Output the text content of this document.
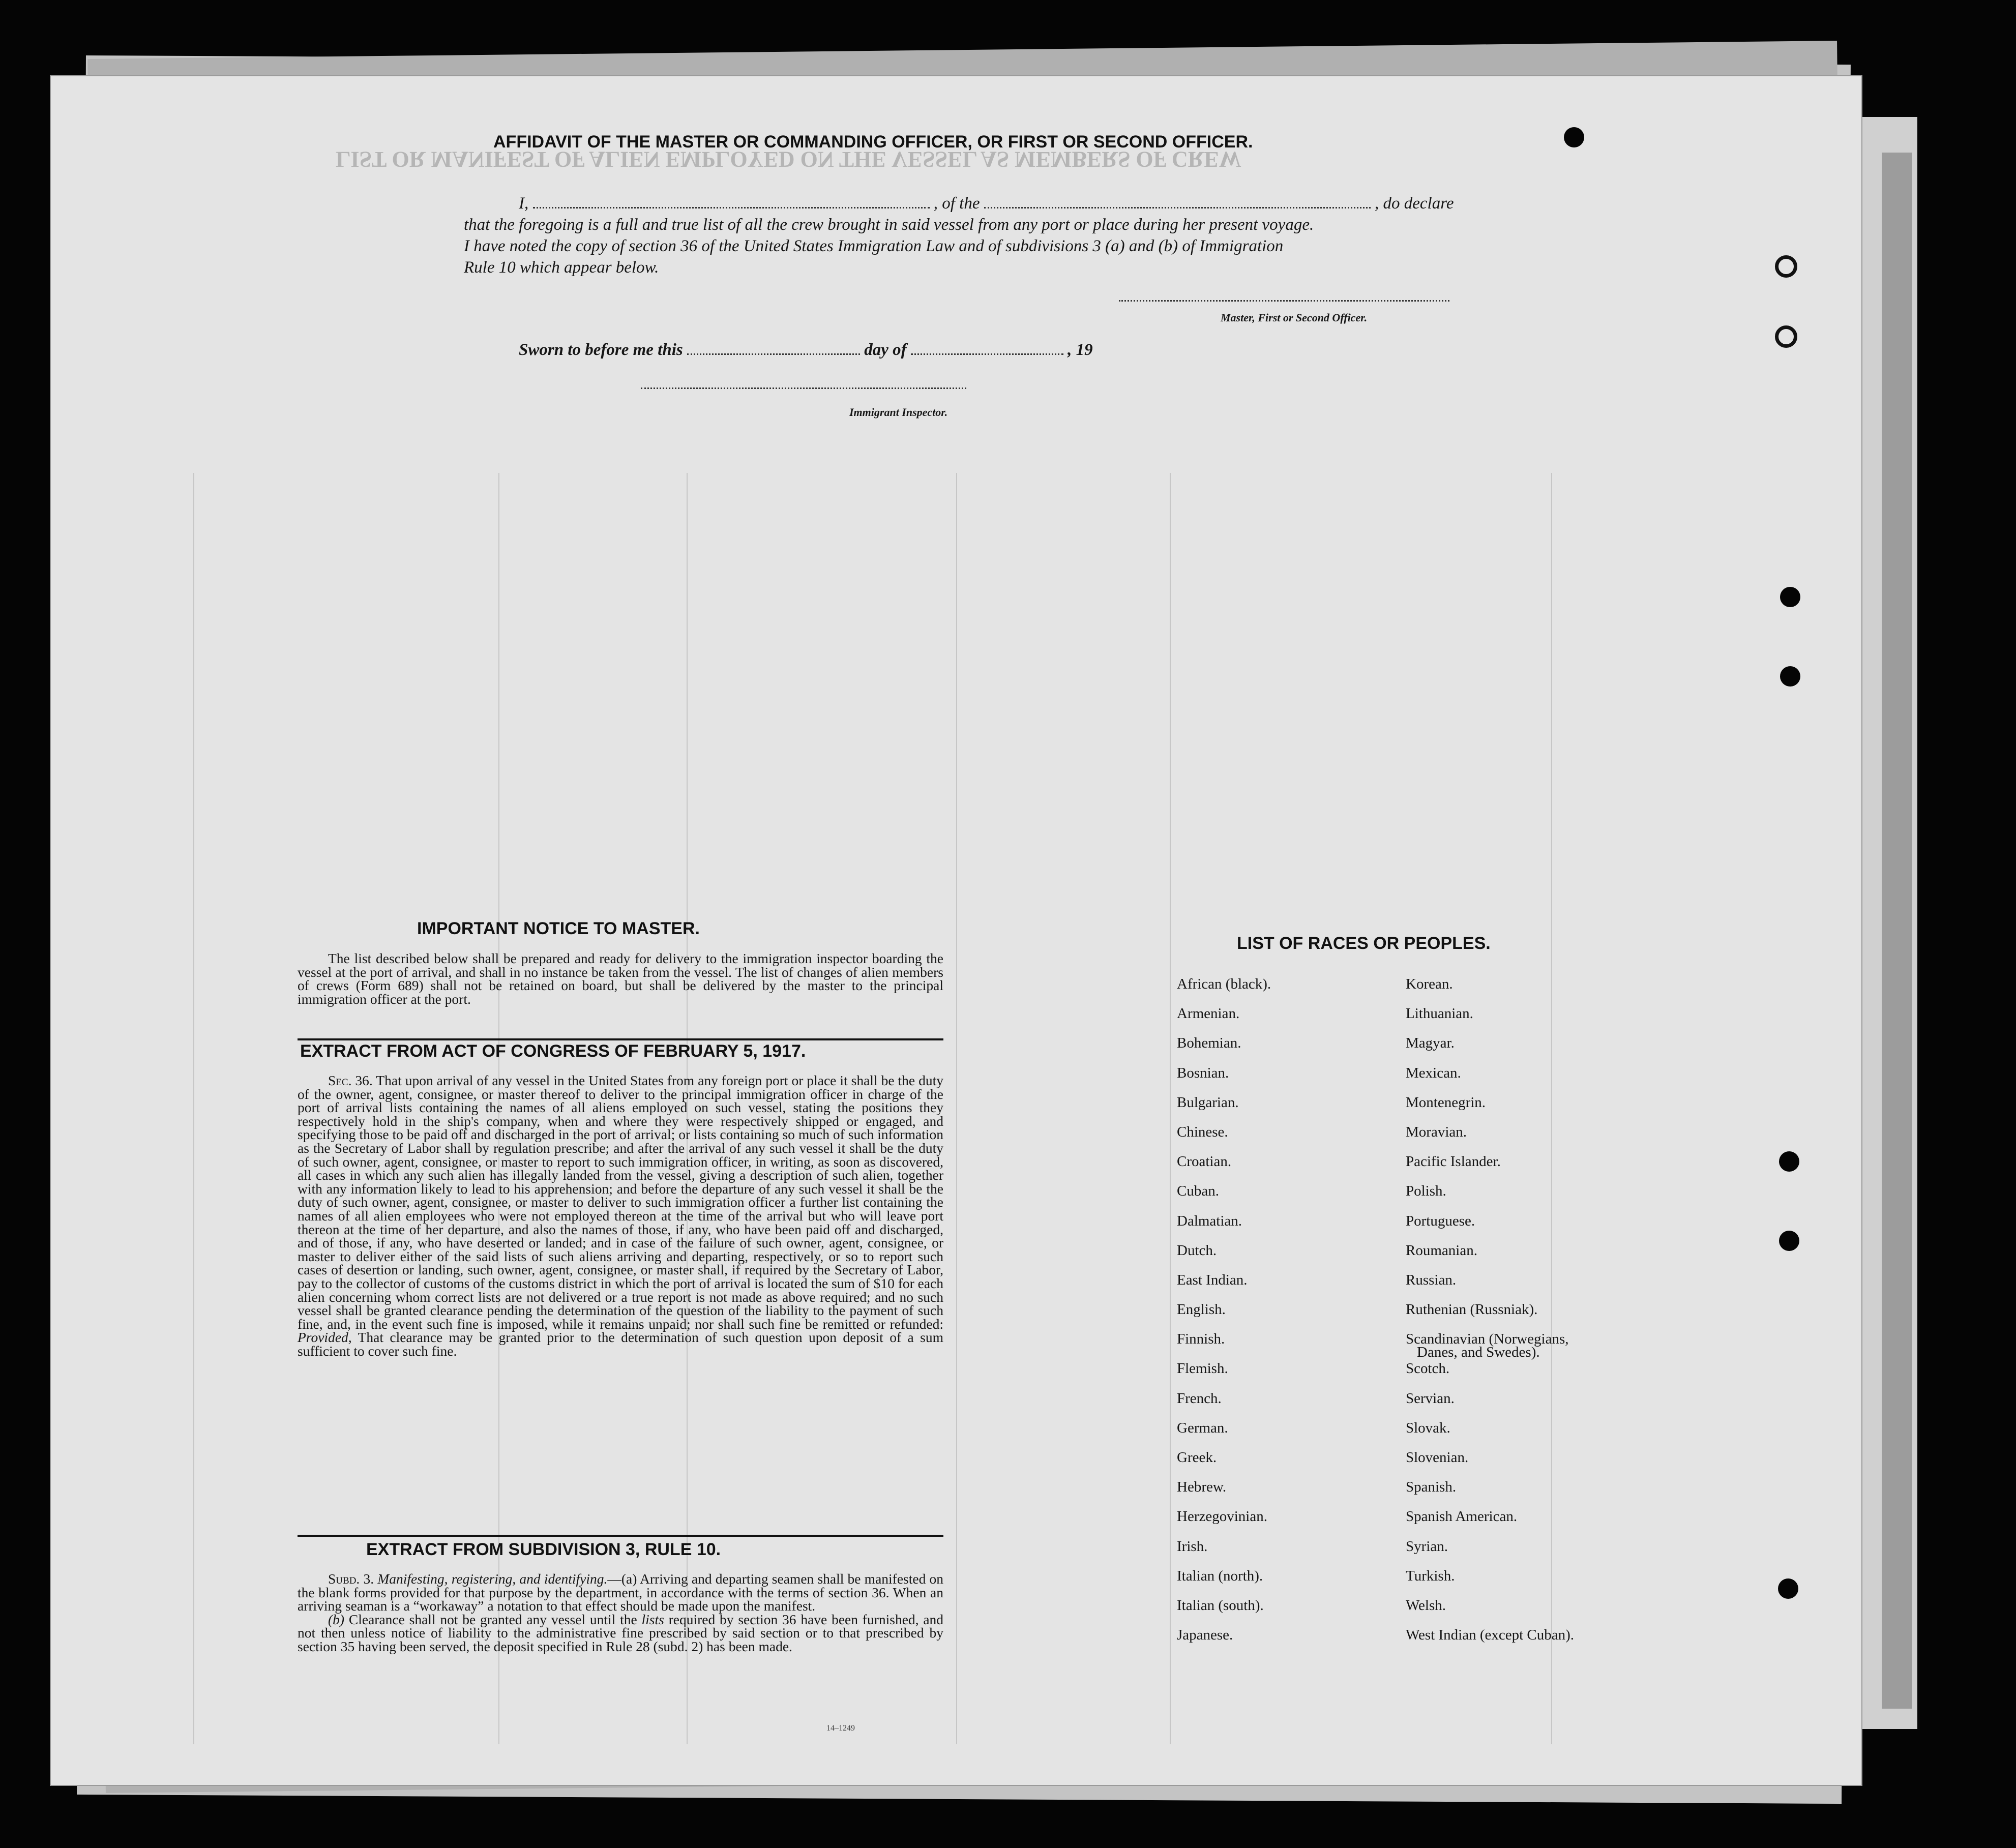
LIST OR MANIFEST OF ALIEN EMPLOYED ON THE VESSEL AS MEMBERS OF CREW
AFFIDAVIT OF THE MASTER OR COMMANDING OFFICER, OR FIRST OR SECOND OFFICER.
I,	, of the	, do declare
that the foregoing is a full and true list of all the crew brought in said vessel from any port or place during her present voyage.
I have noted the copy of section 36 of the United States Immigration Law and of subdivisions 3 (a) and (b) of Immigration
Rule 10 which appear below.
Master, First or Second Officer.
Sworn to before me this	day of	, 19
Immigrant Inspector.
IMPORTANT NOTICE TO MASTER.

The list described below shall be prepared and ready for delivery to the immigration inspector boarding the vessel at the port of arrival, and shall in no instance be taken from the vessel. The list of changes of alien members of crews (Form 689) shall not be retained on board, but shall be delivered by the master to the principal immigration officer at the port.

EXTRACT FROM ACT OF CONGRESS OF FEBRUARY 5, 1917.

Sec. 36. That upon arrival of any vessel in the United States from any foreign port or place it shall be the duty of the owner, agent, consignee, or master thereof to deliver to the principal immigration officer in charge of the port of arrival lists containing the names of all aliens employed on such vessel, stating the positions they respectively hold in the ship's company, when and where they were respectively shipped or engaged, and specifying those to be paid off and discharged in the port of arrival; or lists containing so much of such information as the Secretary of Labor shall by regulation prescribe; and after the arrival of any such vessel it shall be the duty of such owner, agent, consignee, or master to report to such immigration officer, in writing, as soon as discovered, all cases in which any such alien has illegally landed from the vessel, giving a description of such alien, together with any information likely to lead to his apprehension; and before the departure of any such vessel it shall be the duty of such owner, agent, consignee, or master to deliver to such immigration officer a further list containing the names of all alien employees who were not employed thereon at the time of the arrival but who will leave port thereon at the time of her departure, and also the names of those, if any, who have been paid off and discharged, and of those, if any, who have deserted or landed; and in case of the failure of such owner, agent, consignee, or master to deliver either of the said lists of such aliens arriving and departing, respectively, or so to report such cases of desertion or landing, such owner, agent, consignee, or master shall, if required by the Secretary of Labor, pay to the collector of customs of the customs district in which the port of arrival is located the sum of $10 for each alien concerning whom correct lists are not delivered or a true report is not made as above required; and no such vessel shall be granted clearance pending the determination of the question of the liability to the payment of such fine, and, in the event such fine is imposed, while it remains unpaid; nor shall such fine be remitted or refunded: Provided, That clearance may be granted prior to the determination of such question upon deposit of a sum sufficient to cover such fine.

EXTRACT FROM SUBDIVISION 3, RULE 10.

Subd. 3. Manifesting, registering, and identifying.—(a) Arriving and departing seamen shall be manifested on the blank forms provided for that purpose by the department, in accordance with the terms of section 36. When an arriving seaman is a “workaway” a notation to that effect should be made upon the manifest.

(b) Clearance shall not be granted any vessel until the lists required by section 36 have been furnished, and not then unless notice of liability to the administrative fine prescribed by said section or to that prescribed by section 35 having been served, the deposit specified in Rule 28 (subd. 2) has been made.

14–1249
LIST OF RACES OR PEOPLES.
African (black).
Armenian.
Bohemian.
Bosnian.
Bulgarian.
Chinese.
Croatian.
Cuban.
Dalmatian.
Dutch.
East Indian.
English.
Finnish.
Flemish.
French.
German.
Greek.
Hebrew.
Herzegovinian.
Irish.
Italian (north).
Italian (south).
Japanese.
Korean.
Lithuanian.
Magyar.
Mexican.
Montenegrin.
Moravian.
Pacific Islander.
Polish.
Portuguese.
Roumanian.
Russian.
Ruthenian (Russniak).
Scandinavian (Norwegians,
Danes, and Swedes).
Scotch.
Servian.
Slovak.
Slovenian.
Spanish.
Spanish American.
Syrian.
Turkish.
Welsh.
West Indian (except Cuban).
